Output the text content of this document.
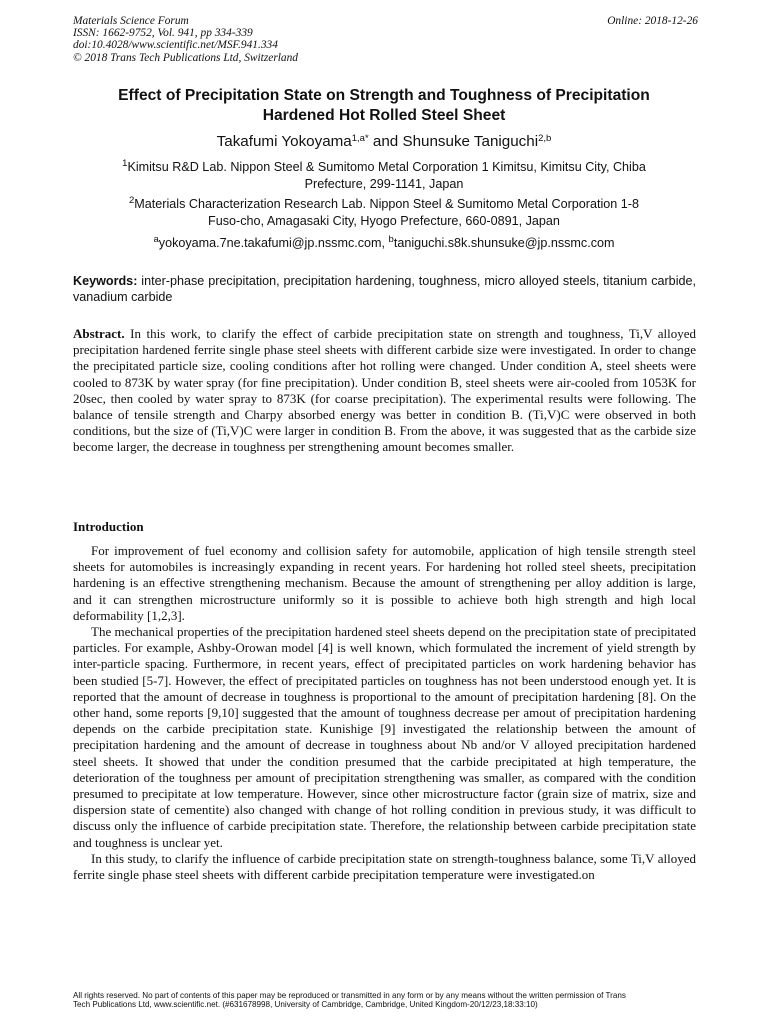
Materials Science Forum
ISSN: 1662-9752, Vol. 941, pp 334-339
doi:10.4028/www.scientific.net/MSF.941.334
© 2018 Trans Tech Publications Ltd, Switzerland
Online: 2018-12-26
Effect of Precipitation State on Strength and Toughness of Precipitation
Hardened Hot Rolled Steel Sheet
Takafumi Yokoyama$^{1,a*}$ and Shunsuke Taniguchi$^{2,b}$
$^1$Kimitsu R&D Lab. Nippon Steel & Sumitomo Metal Corporation 1 Kimitsu, Kimitsu City, Chiba
Prefecture, 299-1141, Japan
$^2$Materials Characterization Research Lab. Nippon Steel & Sumitomo Metal Corporation 1-8
Fuso-cho, Amagasaki City, Hyogo Prefecture, 660-0891, Japan
$^a$yokoyama.7ne.takafumi@jp.nssmc.com, $^b$taniguchi.s8k.shunsuke@jp.nssmc.com
Keywords: inter-phase precipitation, precipitation hardening, toughness, micro alloyed steels, titanium carbide, vanadium carbide
Abstract. In this work, to clarify the effect of carbide precipitation state on strength and toughness, Ti,V alloyed precipitation hardened ferrite single phase steel sheets with different carbide size were investigated. In order to change the precipitated particle size, cooling conditions after hot rolling were changed. Under condition A, steel sheets were cooled to 873K by water spray (for fine precipitation). Under condition B, steel sheets were air-cooled from 1053K for 20sec, then cooled by water spray to 873K (for coarse precipitation). The experimental results were following. The balance of tensile strength and Charpy absorbed energy was better in condition B. (Ti,V)C were observed in both conditions, but the size of (Ti,V)C were larger in condition B. From the above, it was suggested that as the carbide size become larger, the decrease in toughness per strengthening amount becomes smaller.
Introduction

For improvement of fuel economy and collision safety for automobile, application of high tensile strength steel sheets for automobiles is increasingly expanding in recent years. For hardening hot rolled steel sheets, precipitation hardening is an effective strengthening mechanism. Because the amount of strengthening per alloy addition is large, and it can strengthen microstructure uniformly so it is possible to achieve both high strength and high local deformability [1,2,3].

The mechanical properties of the precipitation hardened steel sheets depend on the precipitation state of precipitated particles. For example, Ashby-Orowan model [4] is well known, which formulated the increment of yield strength by inter-particle spacing. Furthermore, in recent years, effect of precipitated particles on work hardening behavior has been studied [5-7]. However, the effect of precipitated particles on toughness has not been understood enough yet. It is reported that the amount of decrease in toughness is proportional to the amount of precipitation hardening [8]. On the other hand, some reports [9,10] suggested that the amount of toughness decrease per amout of precipitation hardening depends on the carbide precipitation state. Kunishige [9] investigated the relationship between the amount of precipitation hardening and the amount of decrease in toughness about Nb and/or V alloyed precipitation hardened steel sheets. It showed that under the condition presumed that the carbide precipitated at high temperature, the deterioration of the toughness per amount of precipitation strengthening was smaller, as compared with the condition presumed to precipitate at low temperature. However, since other microstructure factor (grain size of matrix, size and dispersion state of cementite) also changed with change of hot rolling condition in previous study, it was difficult to discuss only the influence of carbide precipitation state. Therefore, the relationship between carbide precipitation state and toughness is unclear yet.

In this study, to clarify the influence of carbide precipitation state on strength-toughness balance, some Ti,V alloyed ferrite single phase steel sheets with different carbide precipitation temperature were investigated.on

All rights reserved. No part of contents of this paper may be reproduced or transmitted in any form or by any means without the written permission of Trans
Tech Publications Ltd, www.scientific.net. (#631678998, University of Cambridge, Cambridge, United Kingdom-20/12/23,18:33:10)
